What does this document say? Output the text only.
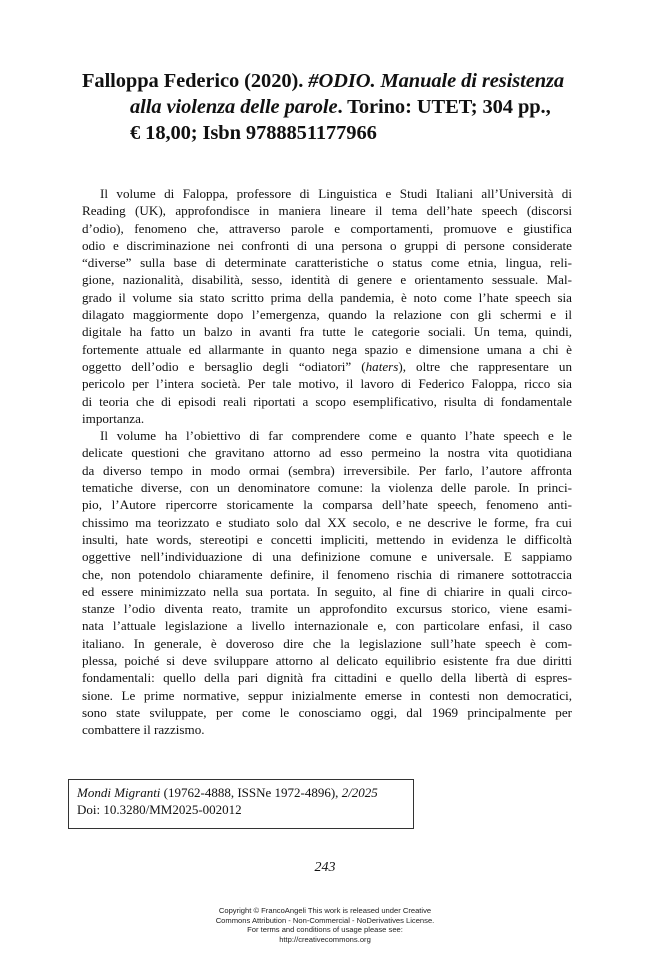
Falloppa Federico (2020). #ODIO. Manuale di resistenza
alla violenza delle parole. Torino: UTET; 304 pp.,
€ 18,00; Isbn 9788851177966
Il volume di Faloppa, professore di Linguistica e Studi Italiani all’Università di
Reading (UK), approfondisce in maniera lineare il tema dell’hate speech (discorsi
d’odio), fenomeno che, attraverso parole e comportamenti, promuove e giustifica
odio e discriminazione nei confronti di una persona o gruppi di persone considerate
“diverse” sulla base di determinate caratteristiche o status come etnia, lingua, reli-
gione, nazionalità, disabilità, sesso, identità di genere e orientamento sessuale. Mal-
grado il volume sia stato scritto prima della pandemia, è noto come l’hate speech sia
dilagato maggiormente dopo l’emergenza, quando la relazione con gli schermi e il
digitale ha fatto un balzo in avanti fra tutte le categorie sociali. Un tema, quindi,
fortemente attuale ed allarmante in quanto nega spazio e dimensione umana a chi è
oggetto dell’odio e bersaglio degli “odiatori” (haters), oltre che rappresentare un
pericolo per l’intera società. Per tale motivo, il lavoro di Federico Faloppa, ricco sia
di teoria che di episodi reali riportati a scopo esemplificativo, risulta di fondamentale
importanza.
Il volume ha l’obiettivo di far comprendere come e quanto l’hate speech e le
delicate questioni che gravitano attorno ad esso permeino la nostra vita quotidiana
da diverso tempo in modo ormai (sembra) irreversibile. Per farlo, l’autore affronta
tematiche diverse, con un denominatore comune: la violenza delle parole. In princi-
pio, l’Autore ripercorre storicamente la comparsa dell’hate speech, fenomeno anti-
chissimo ma teorizzato e studiato solo dal XX secolo, e ne descrive le forme, fra cui
insulti, hate words, stereotipi e concetti impliciti, mettendo in evidenza le difficoltà
oggettive nell’individuazione di una definizione comune e universale. E sappiamo
che, non potendolo chiaramente definire, il fenomeno rischia di rimanere sottotraccia
ed essere minimizzato nella sua portata. In seguito, al fine di chiarire in quali circo-
stanze l’odio diventa reato, tramite un approfondito excursus storico, viene esami-
nata l’attuale legislazione a livello internazionale e, con particolare enfasi, il caso
italiano. In generale, è doveroso dire che la legislazione sull’hate speech è com-
plessa, poiché si deve sviluppare attorno al delicato equilibrio esistente fra due diritti
fondamentali: quello della pari dignità fra cittadini e quello della libertà di espres-
sione. Le prime normative, seppur inizialmente emerse in contesti non democratici,
sono state sviluppate, per come le conosciamo oggi, dal 1969 principalmente per
combattere il razzismo.
Mondi Migranti (19762-4888, ISSNe 1972-4896), 2/2025
Doi: 10.3280/MM2025-002012
243
Copyright © FrancoAngeli This work is released under Creative
Commons Attribution - Non-Commercial - NoDerivatives License.
For terms and conditions of usage please see:
http://creativecommons.org
